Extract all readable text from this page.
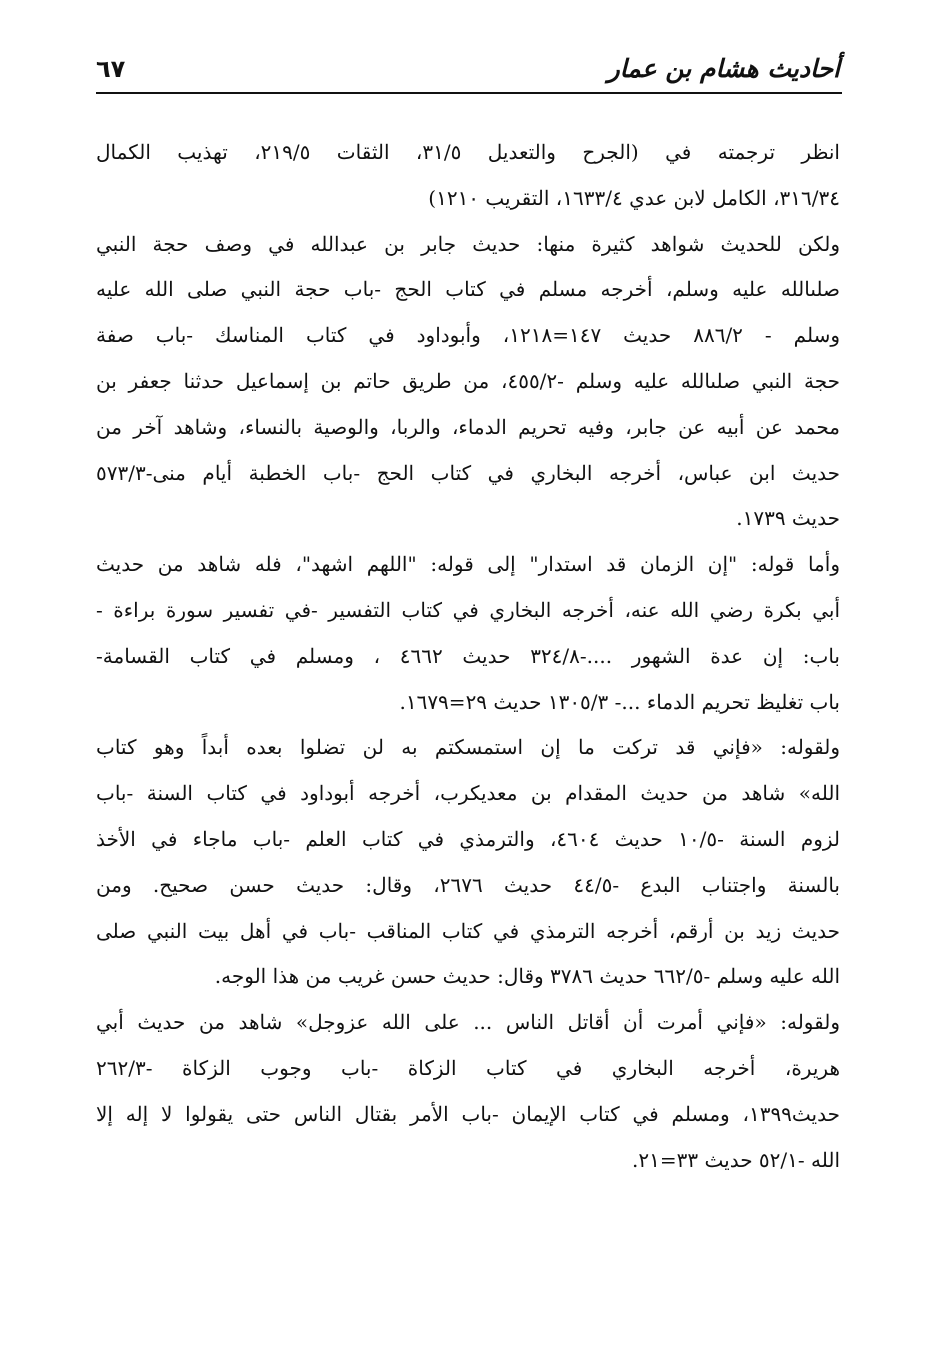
أحاديث هشام بن عمار
٦٧
انظر ترجمته في (الجرح والتعديل ٣١/٥، الثقات ٢١٩/٥، تهذيب الكمال
٣١٦/٣٤، الكامل لابن عدي ١٦٣٣/٤، التقريب ١٢١٠)
ولكن للحديث شواهد كثيرة منها: حديث جابر بن عبدالله في وصف حجة النبي
صلىالله عليه وسلم، أخرجه مسلم في كتاب الحج -باب حجة النبي صلى الله عليه
وسلم - ٨٨٦/٢ حديث ١٤٧=١٢١٨، وأبوداود في كتاب المناسك -باب صفة
حجة النبي صلىالله عليه وسلم -٤٥٥/٢، من طريق حاتم بن إسماعيل حدثنا جعفر بن
محمد عن أبيه عن جابر، وفيه تحريم الدماء، والربا، والوصية بالنساء، وشاهد آخر من
حديث ابن عباس، أخرجه البخاري في كتاب الحج -باب الخطبة أيام منى-٥٧٣/٣
حديث ١٧٣٩.
وأما قوله: "إن الزمان قد استدار" إلى قوله: "اللهم اشهد"، فله شاهد من حديث
أبي بكرة رضي الله عنه، أخرجه البخاري في كتاب التفسير -في تفسير سورة براءة -
باب: إن عدة الشهور ....-٣٢٤/٨ حديث ٤٦٦٢ ، ومسلم في كتاب القسامة-
باب تغليظ تحريم الدماء ...- ١٣٠٥/٣ حديث ٢٩=١٦٧٩.
ولقوله: «فإني قد تركت ما إن استمسكتم به لن تضلوا بعده أبداً وهو كتاب
الله» شاهد من حديث المقدام بن معديكرب، أخرجه أبوداود في كتاب السنة -باب
لزوم السنة -١٠/٥ حديث ٤٦٠٤، والترمذي في كتاب العلم -باب ماجاء في الأخذ
بالسنة واجتناب البدع -٤٤/٥ حديث ٢٦٧٦، وقال: حديث حسن صحيح. ومن
حديث زيد بن أرقم، أخرجه الترمذي في كتاب المناقب -باب في أهل بيت النبي صلى
الله عليه وسلم -٦٦٢/٥ حديث ٣٧٨٦ وقال: حديث حسن غريب من هذا الوجه.
ولقوله: «فإني أمرت أن أقاتل الناس ... على الله عزوجل» شاهد من حديث أبي
هريرة، أخرجه البخاري في كتاب الزكاة -باب وجوب الزكاة -٢٦٢/٣
حديث١٣٩٩، ومسلم في كتاب الإيمان -باب الأمر بقتال الناس حتى يقولوا لا إله إلا
الله -٥٢/١ حديث ٣٣=٢١.
